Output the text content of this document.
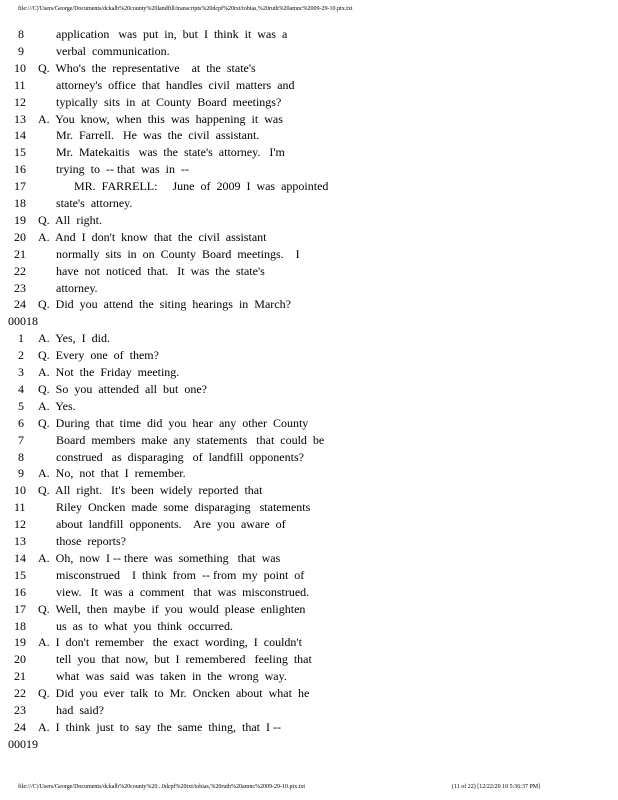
file:///C|/Users/George/Documents/dckalb%20county%20landfill/transcripts%20dcpf%20txt/tobias,%20ruth%20amnc%2009-29-10.ptx.txt
8	application   was  put  in,  but  I  think  it  was  a
9	verbal  communication.
10 Q.  Who's  the  representative    at  the  state's
11	attorney's  office  that  handles  civil  matters  and
12	typically  sits  in  at  County  Board  meetings?
13 A.  You  know,  when  this  was  happening  it  was
14	Mr.  Farrell.   He  was  the  civil  assistant.
15	Mr.  Matekaitis   was  the  state's  attorney.   I'm
16	trying  to  -- that  was  in  --
17	MR.  FARRELL:     June  of  2009  I  was  appointed
18	state's  attorney.
19 Q.  All  right.
20 A.  And  I  don't  know  that  the  civil  assistant
21	normally  sits  in  on  County  Board  meetings.    I
22	have  not  noticed  that.   It  was  the  state's
23	attorney.
24 Q.  Did  you  attend  the  siting  hearings  in  March?
00018
1 A.  Yes,  I  did.
2 Q.  Every  one  of  them?
3 A.  Not  the  Friday  meeting.
4 Q.  So  you  attended  all  but  one?
5 A.  Yes.
6 Q.  During  that  time  did  you  hear  any  other  County
7	Board  members  make  any  statements   that  could  be
8	construed   as  disparaging   of  landfill  opponents?
9 A.  No,  not  that  I  remember.
10 Q.  All  right.   It's  been  widely  reported  that
11	Riley  Oncken  made  some  disparaging   statements
12	about  landfill  opponents.    Are  you  aware  of
13	those  reports?
14 A.  Oh,  now  I -- there  was  something   that  was
15	misconstrued    I  think  from  -- from  my  point  of
16	view.   It  was  a  comment   that  was  misconstrued.
17 Q.  Well,  then  maybe  if  you  would  please  enlighten
18	us  as  to  what  you  think  occurred.
19 A.  I  don't  remember   the  exact  wording,  I  couldn't
20	tell  you  that  now,  but  I  remembered   feeling  that
21	what  was  said  was  taken  in  the  wrong  way.
22 Q.  Did  you  ever  talk  to  Mr.  Oncken  about  what  he
23	had  said?
24 A.  I  think  just  to  say  the  same  thing,  that  I --
00019
file:///C|/Users/George/Documents/dckalb%20county%20...0dcpf%20txt/tobias,%20ruth%20amnc%2009-29-10.ptx.txt	(11 of 22) [12/22/20 10 5:36:37 PM]
